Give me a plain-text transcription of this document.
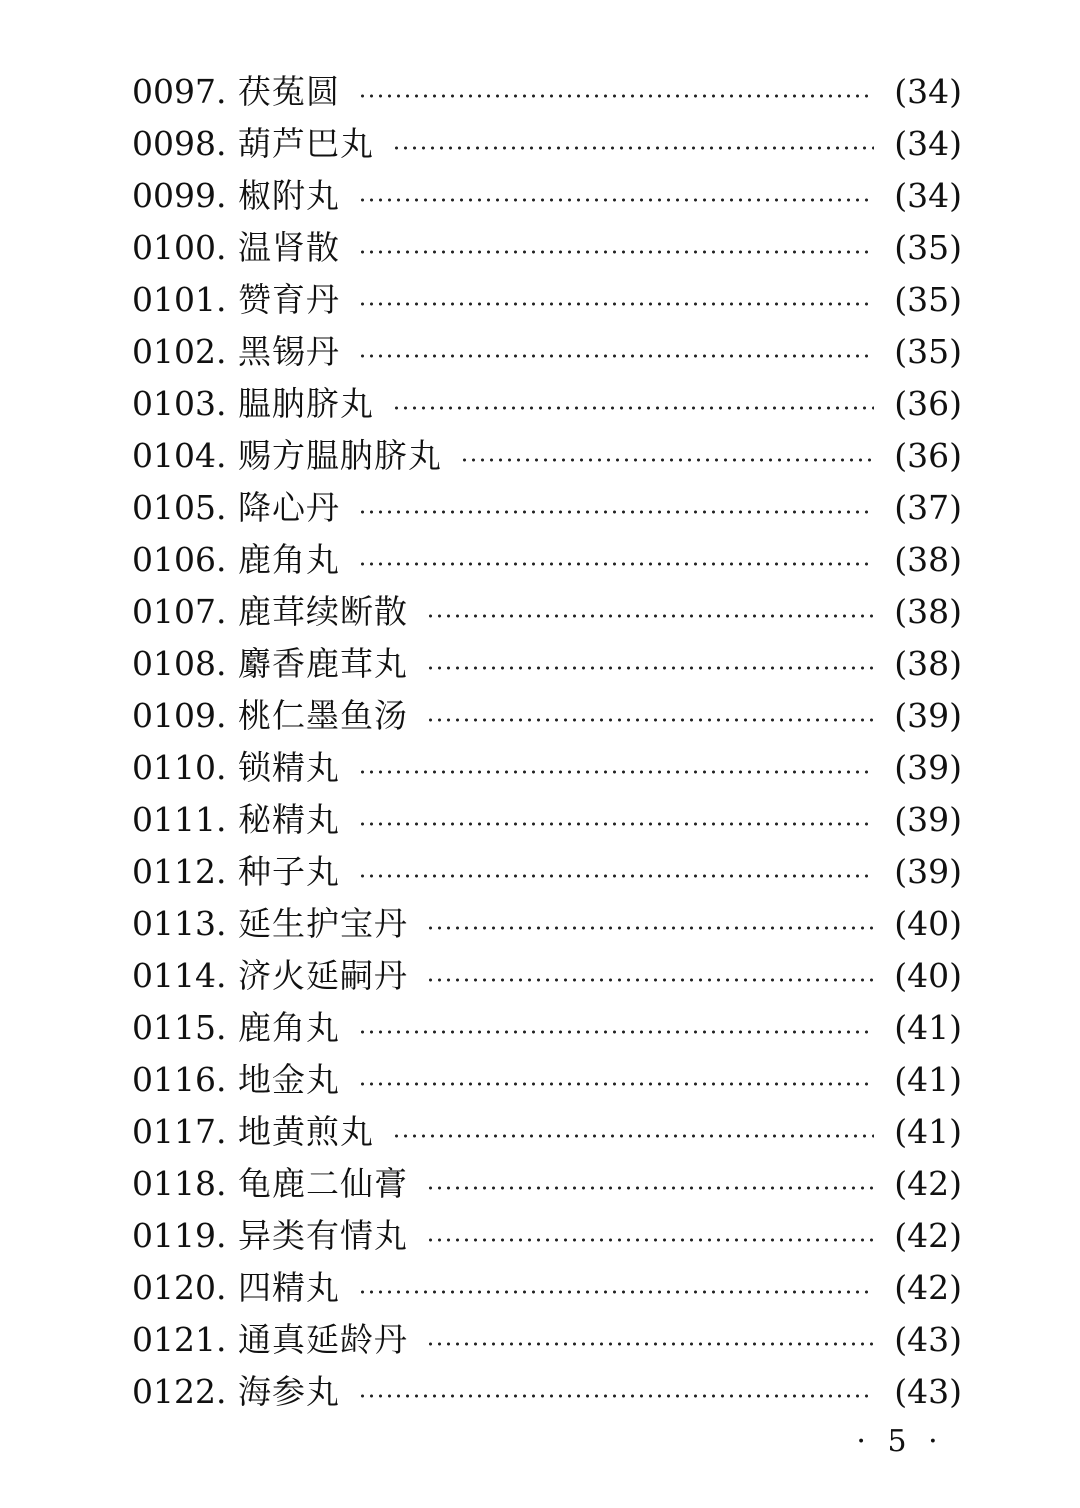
0097. 茯菟圆	(34)
0098. 葫芦巴丸	(34)
0099. 椒附丸	(34)
0100. 温肾散	(35)
0101. 赞育丹	(35)
0102. 黑锡丹	(35)
0103. 腽肭脐丸	(36)
0104. 赐方腽肭脐丸	(36)
0105. 降心丹	(37)
0106. 鹿角丸	(38)
0107. 鹿茸续断散	(38)
0108. 麝香鹿茸丸	(38)
0109. 桃仁墨鱼汤	(39)
0110. 锁精丸	(39)
0111. 秘精丸	(39)
0112. 种子丸	(39)
0113. 延生护宝丹	(40)
0114. 济火延嗣丹	(40)
0115. 鹿角丸	(41)
0116. 地金丸	(41)
0117. 地黄煎丸	(41)
0118. 龟鹿二仙膏	(42)
0119. 异类有情丸	(42)
0120. 四精丸	(42)
0121. 通真延龄丹	(43)
0122. 海参丸	(43)
· 5 ·
